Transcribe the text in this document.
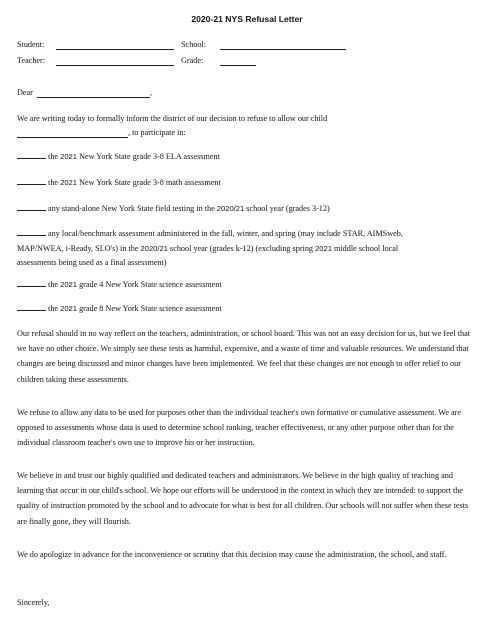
2020-21 NYS Refusal Letter
Student:	School:
Teacher:	Grade:
Dear	,
We are writing today to formally inform the district of our decision to refuse to allow our child
, to participate in:
the 2021 New York State grade 3-8 ELA assessment
the 2021 New York State grade 3-8 math assessment
any stand-alone New York State field testing in the 2020/21 school year (grades 3-12)
any local/benchmark assessment administered in the fall, winter, and spring (may include STAR, AIMSweb,
MAP/NWEA, i-Ready, SLO's) in the 2020/21 school year (grades k-12) (excluding spring 2021 middle school local
assessments being used as a final assessment)
the 2021 grade 4 New York State science assessment
the 2021 grade 8 New York State science assessment

Our refusal should in no way reflect on the teachers, administration, or school board. This was not an easy decision for us, but we feel that we have no other choice. We simply see these tests as harmful, expensive, and a waste of time and valuable resources. We understand that changes are being discussed and minor changes have been implemented. We feel that these changes are not enough to offer relief to our children taking these assessments.

We refuse to allow any data to be used for purposes other than the individual teacher's own formative or cumulative assessment. We are opposed to assessments whose data is used to determine school ranking, teacher effectiveness, or any other purpose other than for the individual classroom teacher's own use to improve his or her instruction.

We believe in and trust our highly qualified and dedicated teachers and administrators. We believe in the high quality of teaching and learning that occur in our child's school. We hope our efforts will be understood in the context in which they are intended: to support the quality of instruction promoted by the school and to advocate for what is best for all children. Our schools will not suffer when these tests are finally gone, they will flourish.

We do apologize in advance for the inconvenience or scrutiny that this decision may cause the administration, the school, and staff.

Sincerely,
